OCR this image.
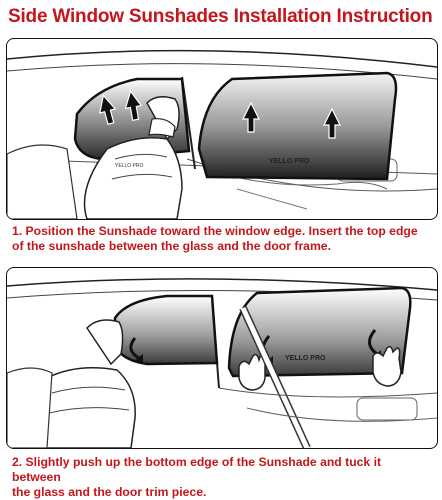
Side Window Sunshades Installation Instruction
YELLO PRO
YELLO PRO
1. Position the Sunshade toward the window edge. Insert the top edge
of the sunshade between the glass and the door frame.
YELLO PRO
2. Slightly push up the bottom edge of the Sunshade and tuck it between
the glass and the door trim piece.
